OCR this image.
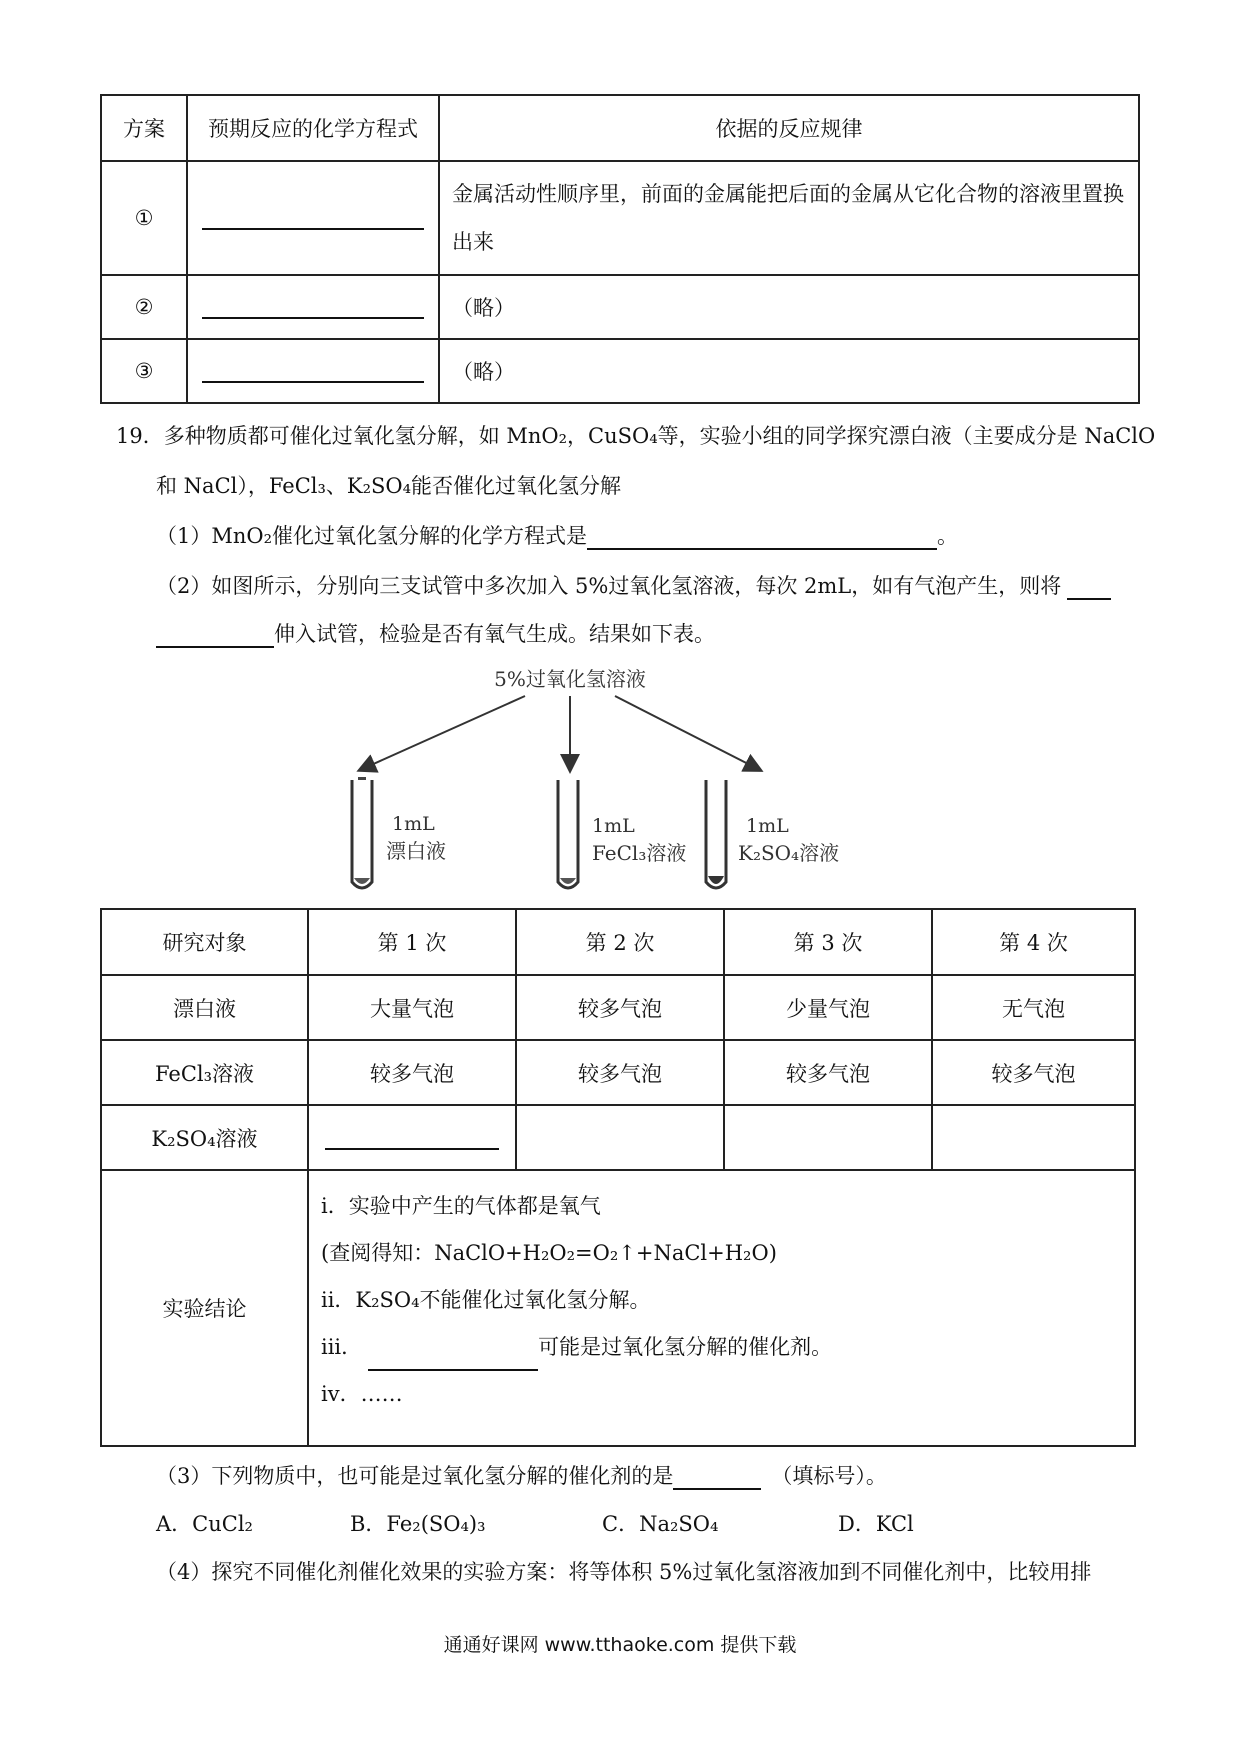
方案	预期反应的化学方程式	依据的反应规律
①		金属活动性顺序里，前面的金属能把后面的金属从它化合物的溶液里置换出来
②		（略）
③		（略）
19．多种物质都可催化过氧化氢分解，如 MnO₂，CuSO₄等，实验小组的同学探究漂白液（主要成分是 NaClO
和 NaCl），FeCl₃、K₂SO₄能否催化过氧化氢分解
（1）MnO₂催化过氧化氢分解的化学方程式是	。
（2）如图所示，分别向三支试管中多次加入 5%过氧化氢溶液，每次 2mL，如有气泡产生，则将
伸入试管，检验是否有氧气生成。结果如下表。
5%过氧化氢溶液
1mL
漂白液
1mL
FeCl₃溶液
1mL
K₂SO₄溶液
研究对象	第 1 次	第 2 次	第 3 次	第 4 次
漂白液	大量气泡	较多气泡	少量气泡	无气泡
FeCl₃溶液	较多气泡	较多气泡	较多气泡	较多气泡
K₂SO₄溶液				
实验结论	i．实验中产生的气体都是氧气
(查阅得知：NaClO+H₂O₂=O₂↑+NaCl+H₂O)
ii．K₂SO₄不能催化过氧化氢分解。
iii． 可能是过氧化氢分解的催化剂。
iv．……			
（3）下列物质中，也可能是过氧化氢分解的催化剂的是	（填标号）。
A．CuCl₂	B．Fe₂(SO₄)₃	C．Na₂SO₄	D．KCl
（4）探究不同催化剂催化效果的实验方案：将等体积 5%过氧化氢溶液加到不同催化剂中，比较用排
通通好课网 www.tthaoke.com 提供下载
